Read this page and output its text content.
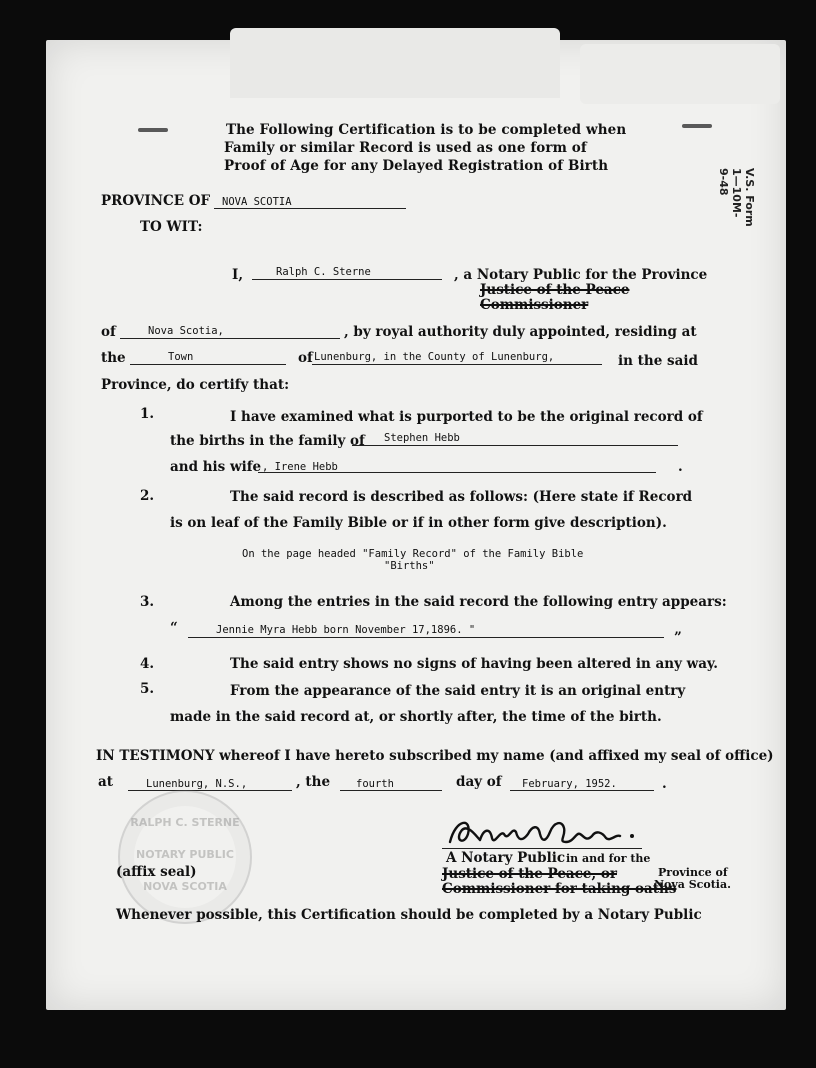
V.S. Form 1—10M-9-48
The Following Certification is to be completed when
Family or similar Record is used as one form of
Proof of Age for any Delayed Registration of Birth
PROVINCE OF NOVA SCOTIA
TO WIT:
I,	Ralph C. Sterne	, a Notary Public for the Province
Justice of the Peace
Commissioner
of	Nova Scotia,	, by royal authority duly appointed, residing at
the	Town	of Lunenburg, in the County of Lunenburg,	in the said
Province, do certify that:
1.	I have examined what is purported to be the original record of
the births in the family of Stephen Hebb
and his wife , Irene Hebb	.
2.	The said record is described as follows: (Here state if Record
is on leaf of the Family Bible or if in other form give description).
On the page headed "Family Record" of the Family Bible
"Births"
3.	Among the entries in the said record the following entry appears:
“	Jennie Myra Hebb born November 17,1896. "	”
4.	The said entry shows no signs of having been altered in any way.
5.	From the appearance of the said entry it is an original entry
made in the said record at, or shortly after, the time of the birth.
IN TESTIMONY whereof I have hereto subscribed my name (and affixed my seal of office)
at	Lunenburg, N.S.,	, the fourth	day of February, 1952.	.
RALPH C. STERNE
NOTARY PUBLIC
NOVA SCOTIA
(affix seal)
A Notary Public in and for the
Justice of the Peace, or
Commissioner for taking oaths
Province of
Nova Scotia.
Whenever possible, this Certification should be completed by a Notary Public
